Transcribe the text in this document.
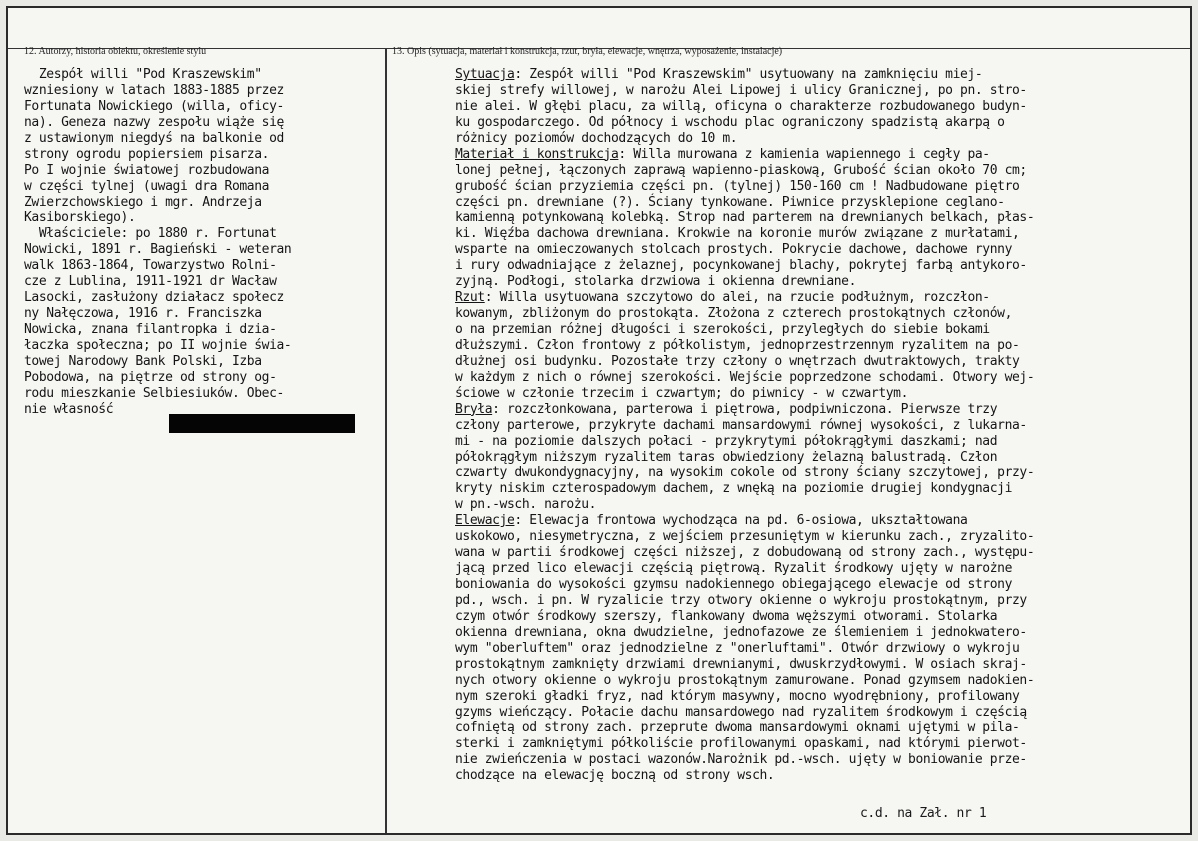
12. Autorzy, historia obiektu, określenie stylu	13. Opis (sytuacja, materiał i konstrukcja, rzut, bryła, elewacje, wnętrza, wyposażenie, instalacje)
Zespół willi "Pod Kraszewskim"
wzniesiony w latach 1883-1885 przez
Fortunata Nowickiego (willa, oficy-
na). Geneza nazwy zespołu wiąże się
z ustawionym niegdyś na balkonie od
strony ogrodu popiersiem pisarza.
Po I wojnie światowej rozbudowana
w części tylnej (uwagi dra Romana
Zwierzchowskiego i mgr. Andrzeja
Kasiborskiego).
Właściciele: po 1880 r. Fortunat
Nowicki, 1891 r. Bagieński - weteran
walk 1863-1864, Towarzystwo Rolni-
cze z Lublina, 1911-1921 dr Wacław
Lasocki, zasłużony działacz społecz
ny Nałęczowa, 1916 r. Franciszka
Nowicka, znana filantropka i dzia-
łaczka społeczna; po II wojnie świa-
towej Narodowy Bank Polski, Izba
Pobodowa, na piętrze od strony og-
rodu mieszkanie Selbiesiuków. Obec-
nie własność
Sytuacja: Zespół willi "Pod Kraszewskim" usytuowany na zamknięciu miej-
skiej strefy willowej, w narożu Alei Lipowej i ulicy Granicznej, po pn. stro-
nie alei. W głębi placu, za willą, oficyna o charakterze rozbudowanego budyn-
ku gospodarczego. Od północy i wschodu plac ograniczony spadzistą akarpą o
różnicy poziomów dochodzących do 10 m.
Materiał i konstrukcja: Willa murowana z kamienia wapiennego i cegły pa-
lonej pełnej, łączonych zaprawą wapienno-piaskową, Grubość ścian około 70 cm;
grubość ścian przyziemia części pn. (tylnej) 150-160 cm ! Nadbudowane piętro
części pn. drewniane (?). Ściany tynkowane. Piwnice przysklepione ceglano-
kamienną potynkowaną kolebką. Strop nad parterem na drewnianych belkach, płas-
ki. Więźba dachowa drewniana. Krokwie na koronie murów związane z murłatami,
wsparte na omieczowanych stolcach prostych. Pokrycie dachowe, dachowe rynny
i rury odwadniające z żelaznej, pocynkowanej blachy, pokrytej farbą antykoro-
zyjną. Podłogi, stolarka drzwiowa i okienna drewniane.
Rzut: Willa usytuowana szczytowo do alei, na rzucie podłużnym, rozczłon-
kowanym, zbliżonym do prostokąta. Złożona z czterech prostokątnych członów,
o na przemian różnej długości i szerokości, przyległych do siebie bokami
dłuższymi. Człon frontowy z półkolistym, jednoprzestrzennym ryzalitem na po-
dłużnej osi budynku. Pozostałe trzy człony o wnętrzach dwutraktowych, trakty
w każdym z nich o równej szerokości. Wejście poprzedzone schodami. Otwory wej-
ściowe w członie trzecim i czwartym; do piwnicy - w czwartym.
Bryła: rozczłonkowana, parterowa i piętrowa, podpiwniczona. Pierwsze trzy
człony parterowe, przykryte dachami mansardowymi równej wysokości, z lukarna-
mi - na poziomie dalszych połaci - przykrytymi półokrągłymi daszkami; nad
półokrągłym niższym ryzalitem taras obwiedziony żelazną balustradą. Człon
czwarty dwukondygnacyjny, na wysokim cokole od strony ściany szczytowej, przy-
kryty niskim czterospadowym dachem, z wnęką na poziomie drugiej kondygnacji
w pn.-wsch. narożu.
Elewacje: Elewacja frontowa wychodząca na pd. 6-osiowa, ukształtowana
uskokowo, niesymetryczna, z wejściem przesuniętym w kierunku zach., zryzalito-
wana w partii środkowej części niższej, z dobudowaną od strony zach., występu-
jącą przed lico elewacji częścią piętrową. Ryzalit środkowy ujęty w narożne
boniowania do wysokości gzymsu nadokiennego obiegającego elewacje od strony
pd., wsch. i pn. W ryzalicie trzy otwory okienne o wykroju prostokątnym, przy
czym otwór środkowy szerszy, flankowany dwoma węższymi otworami. Stolarka
okienna drewniana, okna dwudzielne, jednofazowe ze ślemieniem i jednokwatero-
wym "oberluftem" oraz jednodzielne z "onerluftami". Otwór drzwiowy o wykroju
prostokątnym zamknięty drzwiami drewnianymi, dwuskrzydłowymi. W osiach skraj-
nych otwory okienne o wykroju prostokątnym zamurowane. Ponad gzymsem nadokien-
nym szeroki gładki fryz, nad którym masywny, mocno wyodrębniony, profilowany
gzyms wieńczący. Połacie dachu mansardowego nad ryzalitem środkowym i częścią
cofniętą od strony zach. przeprute dwoma mansardowymi oknami ujętymi w pila-
sterki i zamkniętymi półkoliście profilowanymi opaskami, nad którymi pierwot-
nie zwieńczenia w postaci wazonów.Narożnik pd.-wsch. ujęty w boniowanie prze-
chodzące na elewację boczną od strony wsch.
c.d. na Zał. nr 1
